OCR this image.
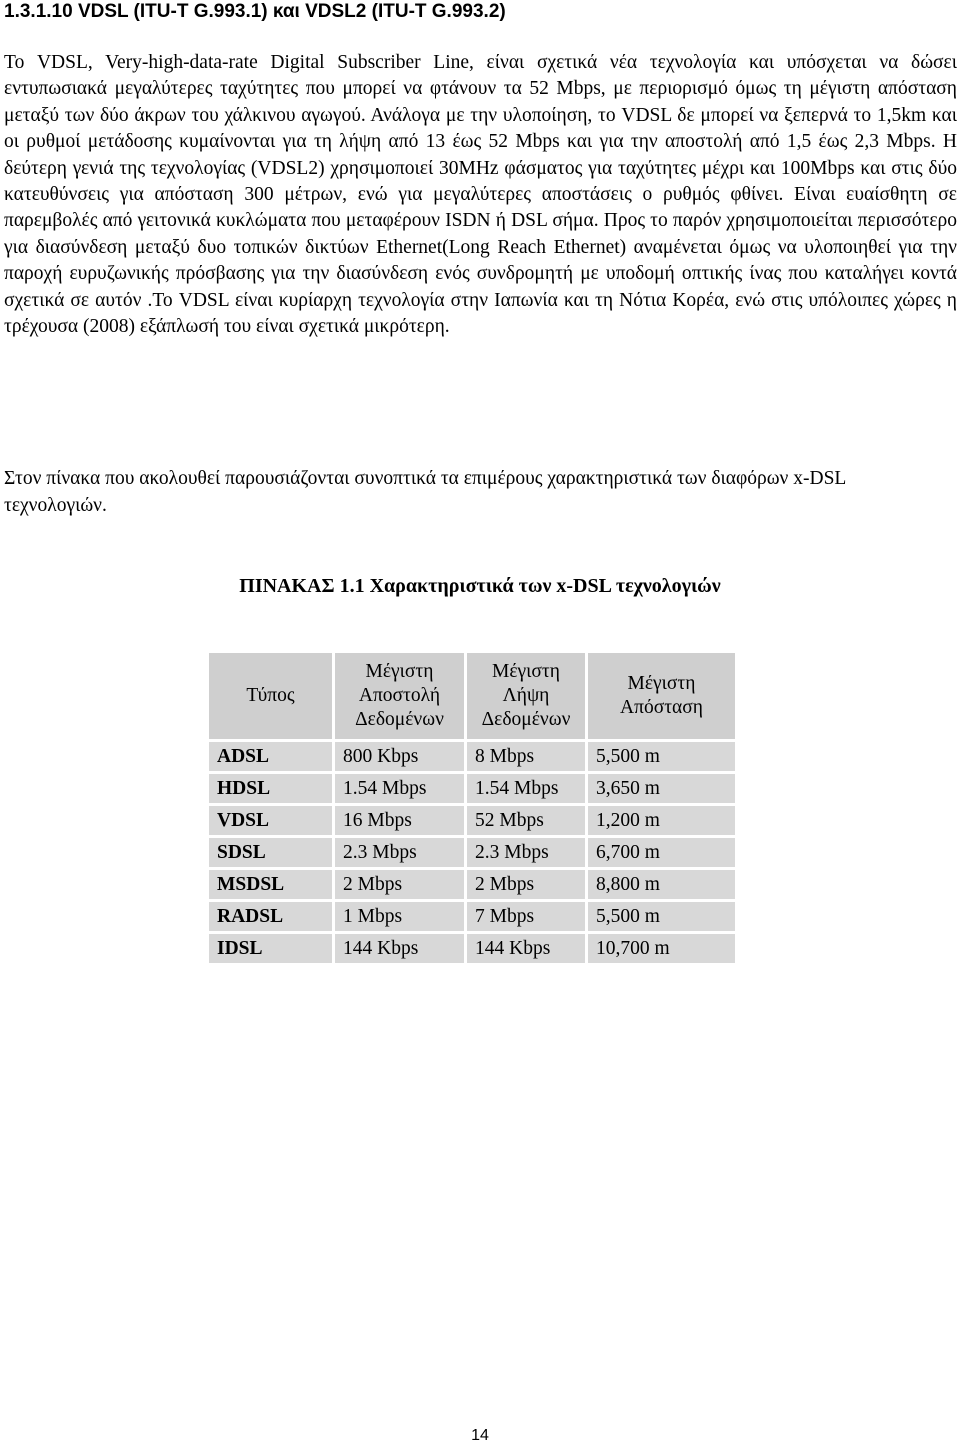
1.3.1.10 VDSL (ITU-T G.993.1) και VDSL2 (ITU-T G.993.2)
Το VDSL, Very-high-data-rate Digital Subscriber Line, είναι σχετικά νέα τεχνολογία και υπόσχεται να δώσει εντυπωσιακά μεγαλύτερες ταχύτητες που μπορεί να φτάνουν τα 52 Mbps, με περιορισμό όμως τη μέγιστη απόσταση μεταξύ των δύο άκρων του χάλκινου αγωγού. Ανάλογα με την υλοποίηση, το VDSL δε μπορεί να ξεπερνά το 1,5km και οι ρυθμοί μετάδοσης κυμαίνονται για τη λήψη από 13 έως 52 Mbps και για την αποστολή από 1,5 έως 2,3 Mbps. Η δεύτερη γενιά της τεχνολογίας (VDSL2) χρησιμοποιεί 30MHz φάσματος για ταχύτητες μέχρι και 100Mbps και στις δύο κατευθύνσεις για απόσταση 300 μέτρων, ενώ για μεγαλύτερες αποστάσεις ο ρυθμός φθίνει. Είναι ευαίσθητη σε παρεμβολές από γειτονικά κυκλώματα που μεταφέρουν ISDN ή DSL σήμα. Προς το παρόν χρησιμοποιείται περισσότερο για διασύνδεση μεταξύ δυο τοπικών δικτύων Ethernet(Long Reach Ethernet) αναμένεται όμως να υλοποιηθεί για την παροχή ευρυζωνικής πρόσβασης για την διασύνδεση ενός συνδρομητή με υποδομή οπτικής ίνας που καταλήγει κοντά σχετικά σε αυτόν .Το VDSL είναι κυρίαρχη τεχνολογία στην Ιαπωνία και τη Νότια Κορέα, ενώ στις υπόλοιπες χώρες η τρέχουσα (2008) εξάπλωσή του είναι σχετικά μικρότερη.
Στον πίνακα που ακολουθεί παρουσιάζονται συνοπτικά τα επιμέρους χαρακτηριστικά των διαφόρων x-DSL τεχνολογιών.
ΠΙΝΑΚΑΣ 1.1 Χαρακτηριστικά των x-DSL τεχνολογιών
Τύπος	Μέγιστη Αποστολή Δεδομένων	Μέγιστη Λήψη Δεδομένων	Μέγιστη Απόσταση
ADSL	800 Kbps	8 Mbps	5,500 m
HDSL	1.54 Mbps	1.54 Mbps	3,650 m
VDSL	16 Mbps	52 Mbps	1,200 m
SDSL	2.3 Mbps	2.3 Mbps	6,700 m
MSDSL	2 Mbps	2 Mbps	8,800 m
RADSL	1 Mbps	7 Mbps	5,500 m
IDSL	144 Kbps	144 Kbps	10,700 m
14
